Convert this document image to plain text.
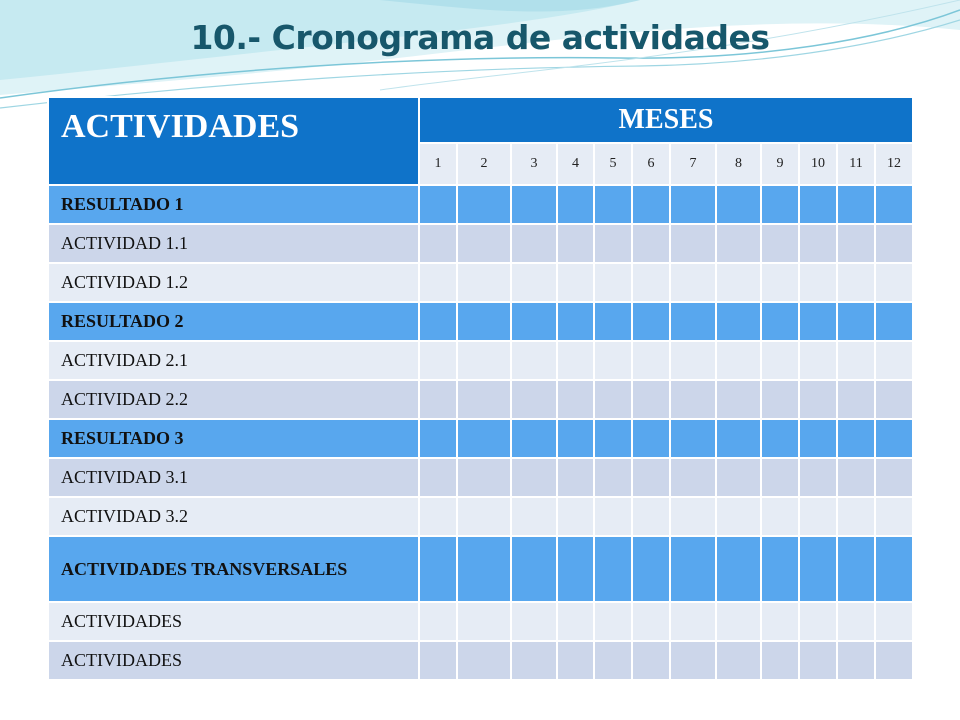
10.- Cronograma de actividades
ACTIVIDADES	MESES											
	1	2	3	4	5	6	7	8	9	10	11	12
RESULTADO 1												
ACTIVIDAD 1.1												
ACTIVIDAD 1.2												
RESULTADO 2												
ACTIVIDAD 2.1												
ACTIVIDAD 2.2												
RESULTADO 3												
ACTIVIDAD 3.1												
ACTIVIDAD 3.2												
ACTIVIDADES TRANSVERSALES												
ACTIVIDADES												
ACTIVIDADES												
